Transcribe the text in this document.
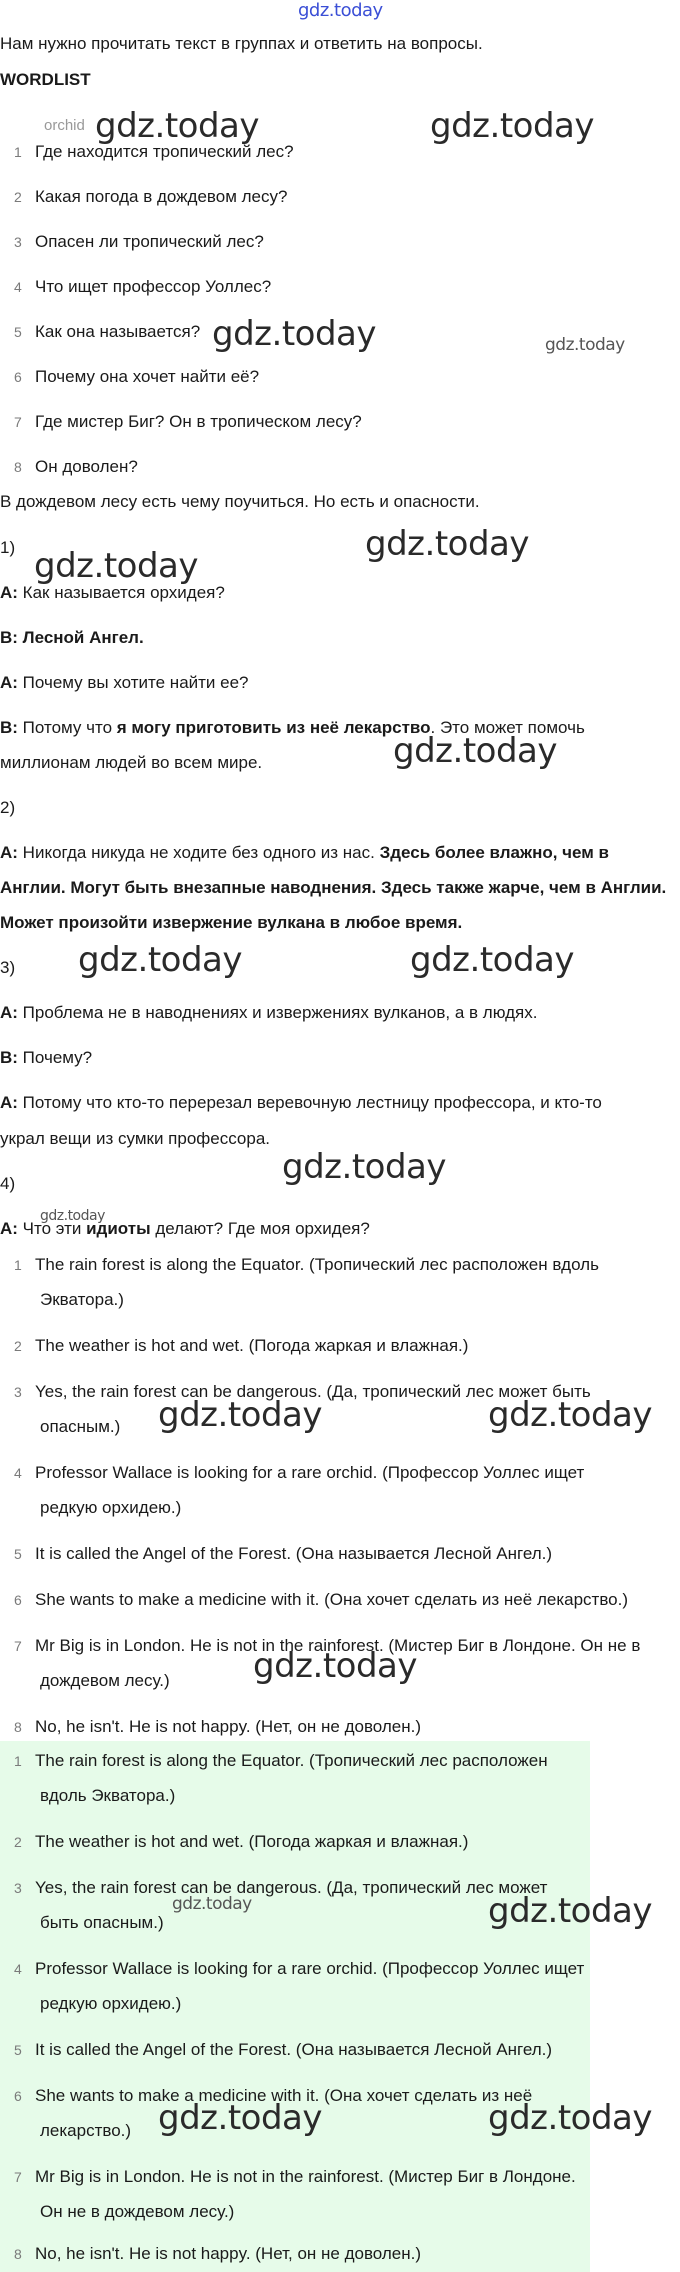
gdz.today
Нам нужно прочитать текст в группах и ответить на вопросы.
WORDLIST
orchid
1 Где находится тропический лес?
2 Какая погода в дождевом лесу?
3 Опасен ли тропический лес?
4 Что ищет профессор Уоллес?
5 Как она называется?
6 Почему она хочет найти её?
7 Где мистер Биг? Он в тропическом лесу?
8 Он доволен?
В дождевом лесу есть чему поучиться. Но есть и опасности.
1)
A: Как называется орхидея?
B: Лесной Ангел.
A: Почему вы хотите найти ее?
B: Потому что я могу приготовить из неё лекарство. Это может помочь
миллионам людей во всем мире.
2)
A: Никогда никуда не ходите без одного из нас. Здесь более влажно, чем в
Англии. Могут быть внезапные наводнения. Здесь также жарче, чем в Англии.
Может произойти извержение вулкана в любое время.
3)
A: Проблема не в наводнениях и извержениях вулканов, а в людях.
B: Почему?
A: Потому что кто-то перерезал веревочную лестницу профессора, и кто-то
украл вещи из сумки профессора.
4)
A: Что эти идиоты делают? Где моя орхидея?
1 The rain forest is along the Equator. (Тропический лес расположен вдоль
Экватора.)
2 The weather is hot and wet. (Погода жаркая и влажная.)
3 Yes, the rain forest can be dangerous. (Да, тропический лес может быть
опасным.)
4 Professor Wallace is looking for a rare orchid. (Профессор Уоллес ищет
редкую орхидею.)
5 It is called the Angel of the Forest. (Она называется Лесной Ангел.)
6 She wants to make a medicine with it. (Она хочет сделать из неё лекарство.)
7 Mr Big is in London. He is not in the rainforest. (Мистер Биг в Лондоне. Он не в
дождевом лесу.)
8 No, he isn't. He is not happy. (Нет, он не доволен.)
1 The rain forest is along the Equator. (Тропический лес расположен
вдоль Экватора.)
2 The weather is hot and wet. (Погода жаркая и влажная.)
3 Yes, the rain forest can be dangerous. (Да, тропический лес может
быть опасным.)
4 Professor Wallace is looking for a rare orchid. (Профессор Уоллес ищет
редкую орхидею.)
5 It is called the Angel of the Forest. (Она называется Лесной Ангел.)
6 She wants to make a medicine with it. (Она хочет сделать из неё
лекарство.)
7 Mr Big is in London. He is not in the rainforest. (Мистер Биг в Лондоне.
Он не в дождевом лесу.)
8 No, he isn't. He is not happy. (Нет, он не доволен.)
gdz.today	gdz.today
gdz.today	gdz.today
gdz.today
gdz.today
gdz.today
gdz.today	gdz.today
gdz.today
gdz.today
gdz.today	gdz.today
gdz.today
gdz.today	gdz.today
gdz.today	gdz.today
